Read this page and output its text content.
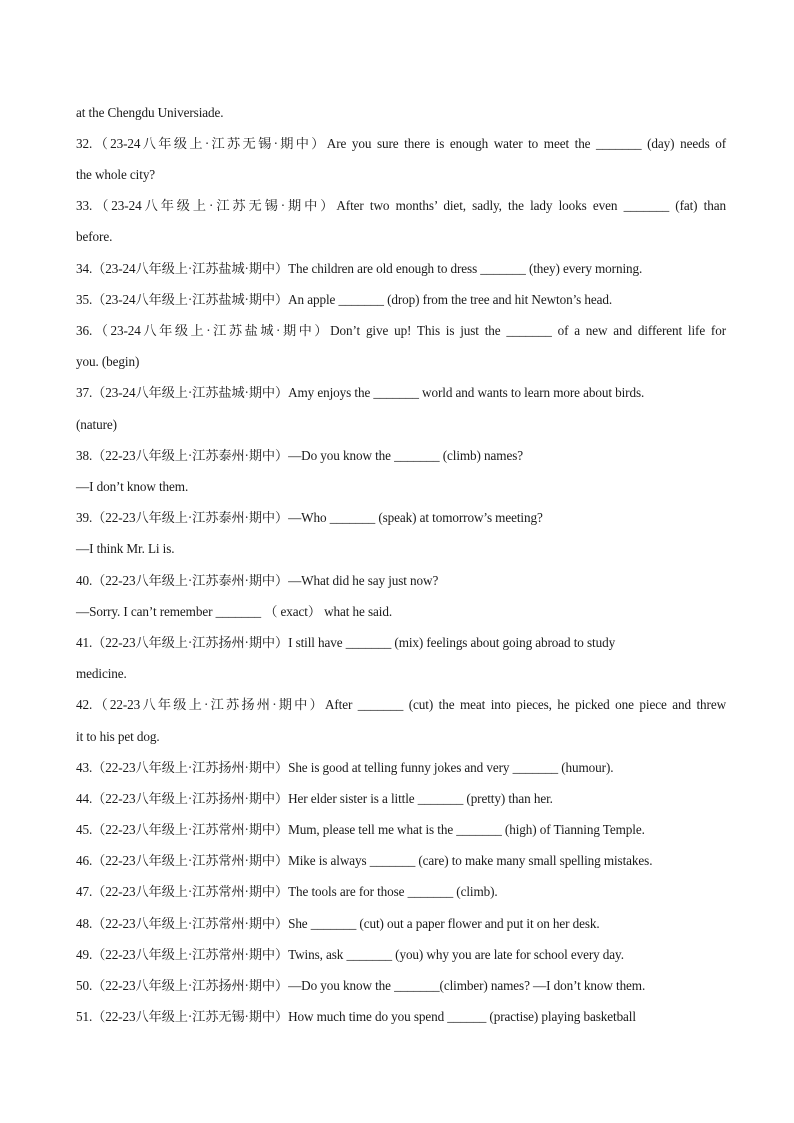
at the Chengdu Universiade.
32.（23-24八年级上·江苏无锡·期中）Are you sure there is enough water to meet the _______ (day) needs of
the whole city?
33.（23-24八年级上·江苏无锡·期中）After two months’ diet, sadly, the lady looks even _______ (fat) than
before.
34.（23-24八年级上·江苏盐城·期中）The children are old enough to dress _______ (they) every morning.
35.（23-24八年级上·江苏盐城·期中）An apple _______ (drop) from the tree and hit Newton’s head.
36.（23-24八年级上·江苏盐城·期中）Don’t give up! This is just the _______ of a new and different life for
you. (begin)
37.（23-24八年级上·江苏盐城·期中）Amy enjoys the _______ world and wants to learn more about birds.
(nature)
38.（22-23八年级上·江苏泰州·期中）—Do you know the _______ (climb) names?
—I don’t know them.
39.（22-23八年级上·江苏泰州·期中）—Who _______ (speak) at tomorrow’s meeting?
—I think Mr. Li is.
40.（22-23八年级上·江苏泰州·期中）—What did he say just now?
—Sorry. I can’t remember _______ （ exact） what he said.
41.（22-23八年级上·江苏扬州·期中）I still have _______ (mix) feelings about going abroad to study
medicine.
42.（22-23八年级上·江苏扬州·期中）After _______ (cut) the meat into pieces, he picked one piece and threw
it to his pet dog.
43.（22-23八年级上·江苏扬州·期中）She is good at telling funny jokes and very _______ (humour).
44.（22-23八年级上·江苏扬州·期中）Her elder sister is a little _______ (pretty) than her.
45.（22-23八年级上·江苏常州·期中）Mum, please tell me what is the _______ (high) of Tianning Temple.
46.（22-23八年级上·江苏常州·期中）Mike is always _______ (care) to make many small spelling mistakes.
47.（22-23八年级上·江苏常州·期中）The tools are for those _______ (climb).
48.（22-23八年级上·江苏常州·期中）She _______ (cut) out a paper flower and put it on her desk.
49.（22-23八年级上·江苏常州·期中）Twins, ask _______ (you) why you are late for school every day.
50.（22-23八年级上·江苏扬州·期中）—Do you know the _______(climber) names? —I don’t know them.
51.（22-23八年级上·江苏无锡·期中）How much time do you spend ______ (practise) playing basketball
